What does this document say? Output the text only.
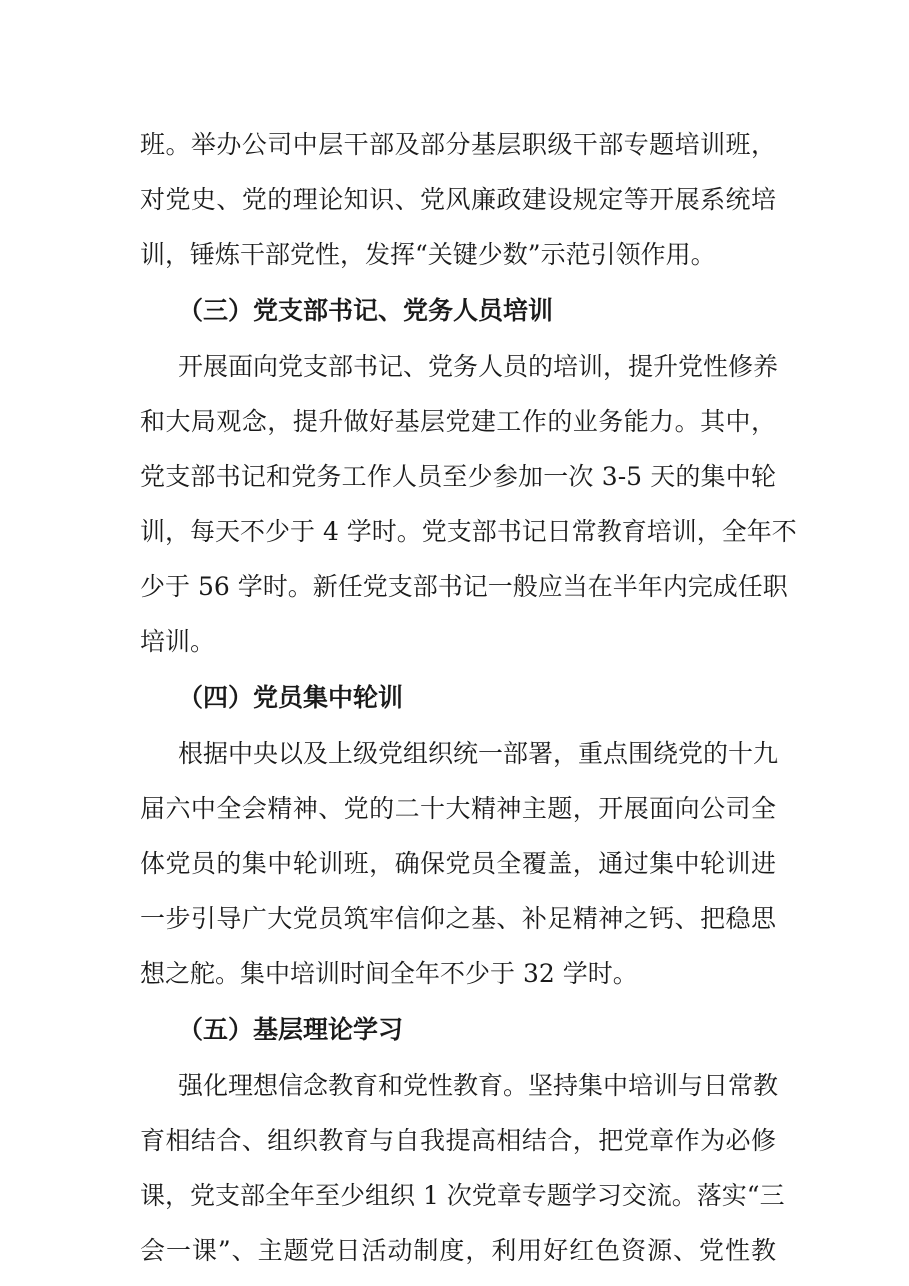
班。举办公司中层干部及部分基层职级干部专题培训班，
对党史、党的理论知识、党风廉政建设规定等开展系统培
训，锤炼干部党性，发挥“关键少数”示范引领作用。
（三）党支部书记、党务人员培训
开展面向党支部书记、党务人员的培训，提升党性修养
和大局观念，提升做好基层党建工作的业务能力。其中，
党支部书记和党务工作人员至少参加一次 3-5 天的集中轮
训，每天不少于 4 学时。党支部书记日常教育培训，全年不
少于 56 学时。新任党支部书记一般应当在半年内完成任职
培训。
（四）党员集中轮训
根据中央以及上级党组织统一部署，重点围绕党的十九
届六中全会精神、党的二十大精神主题，开展面向公司全
体党员的集中轮训班，确保党员全覆盖，通过集中轮训进
一步引导广大党员筑牢信仰之基、补足精神之钙、把稳思
想之舵。集中培训时间全年不少于 32 学时。
（五）基层理论学习
强化理想信念教育和党性教育。坚持集中培训与日常教
育相结合、组织教育与自我提高相结合，把党章作为必修
课，党支部全年至少组织 1 次党章专题学习交流。落实“三
会一课”、主题党日活动制度，利用好红色资源、党性教
